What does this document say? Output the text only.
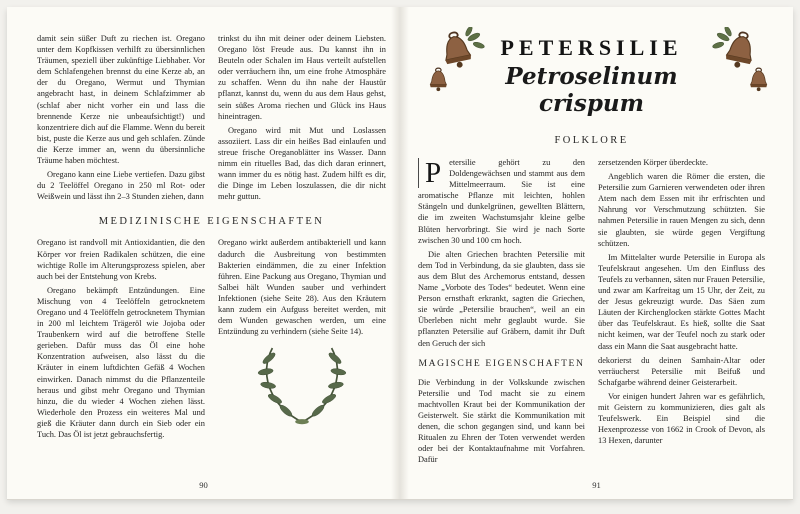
damit sein süßer Duft zu riechen ist. Oregano unter dem Kopfkissen verhilft zu übersinnlichen Träumen, speziell über zukünftige Liebhaber. Vor dem Schlafengehen brennst du eine Kerze ab, an der du Oregano, Wermut und Thymian angebracht hast, in deinem Schlafzimmer ab (schlaf aber nicht vorher ein und lass die brennende Kerze nie unbeaufsichtigt!) und konzentriere dich auf die Flamme. Wenn du bereit bist, puste die Kerze aus und geh schlafen. Zünde die Kerze immer an, wenn du übersinnliche Träume haben möchtest.

Oregano kann eine Liebe vertiefen. Dazu gibst du 2 Teelöffel Oregano in 250 ml Rot- oder Weißwein und lässt ihn 2–3 Stunden ziehen, dann

trinkst du ihn mit deiner oder deinem Liebsten. Oregano löst Freude aus. Du kannst ihn in Beuteln oder Schalen im Haus verteilt aufstellen oder verräuchern ihn, um eine frohe Atmosphäre zu schaffen. Wenn du ihn nahe der Haustür pflanzt, kannst du, wenn du aus dem Haus gehst, sein süßes Aroma riechen und Glück ins Haus hineintragen.

Oregano wird mit Mut und Loslassen assoziiert. Lass dir ein heißes Bad einlaufen und streue frische Oreganoblätter ins Wasser. Dann nimm ein rituelles Bad, das dich daran erinnert, wann immer du es nötig hast. Zudem hilft es dir, die Dinge im Leben loszulassen, die dir nicht mehr guttun.

MEDIZINISCHE EIGENSCHAFTEN

Oregano ist randvoll mit Antioxidantien, die den Körper vor freien Radikalen schützen, die eine wichtige Rolle im Alterungsprozess spielen, aber auch bei der Entstehung von Krebs.

Oregano bekämpft Entzündungen. Eine Mischung von 4 Teelöffeln getrocknetem Oregano und 4 Teelöffeln getrocknetem Thymian in 200 ml leichtem Trägeröl wie Jojoba oder Traubenkern wird auf die betroffene Stelle gerieben. Dafür muss das Öl eine hohe Konzentration aufweisen, also lässt du die Kräuter in einem luftdichten Gefäß 4 Wochen einwirken. Danach nimmst du die Pflanzenteile heraus und gibst mehr Oregano und Thymian hinzu, die du wieder 4 Wochen ziehen lässt. Wiederhole den Prozess ein weiteres Mal und gieß die Kräuter dann durch ein Sieb oder ein Tuch. Das Öl ist jetzt gebrauchsfertig.

Oregano wirkt außerdem antibakteriell und kann dadurch die Ausbreitung von bestimmten Bakterien eindämmen, die zu einer Infektion führen. Eine Packung aus Oregano, Thymian und Salbei hält Wunden sauber und verhindert Infektionen (siehe Seite 28). Aus den Kräutern kann zudem ein Aufguss bereitet werden, mit dem Wunden gewaschen werden, um eine Entzündung zu verhindern (siehe Seite 14).

90
PETERSILIE
Petroselinum crispum
FOLKLORE

P etersilie gehört zu den Doldengewächsen und stammt aus dem Mittelmeerraum. Sie ist eine aromatische Pflanze mit leichten, hohlen Stängeln und dunkelgrünen, gewellten Blättern, die im zweiten Wachstumsjahr kleine gelbe Blüten hervorbringt. Sie wird je nach Sorte zwischen 30 und 100 cm hoch.

Die alten Griechen brachten Petersilie mit dem Tod in Verbindung, da sie glaubten, dass sie aus dem Blut des Archemorus entstand, dessen Name „Vorbote des Todes“ bedeutet. Wenn eine Person ernsthaft erkrankt, sagten die Griechen, sie würde „Petersilie brauchen“, weil an ein Überleben nicht mehr geglaubt wurde. Sie pflanzten Petersilie auf Gräbern, damit ihr Duft den Geruch der sich

MAGISCHE EIGENSCHAFTEN

Die Verbindung in der Volkskunde zwischen Petersilie und Tod macht sie zu einem machtvollen Kraut bei der Kommunikation der Geisterwelt. Sie stärkt die Kommunikation mit denen, die schon gegangen sind, und kann bei Ritualen zu Ehren der Toten verwendet werden oder bei der Kontaktaufnahme mit Vorfahren. Dafür

zersetzenden Körper überdeckte.

Angeblich waren die Römer die ersten, die Petersilie zum Garnieren verwendeten oder ihren Atem nach dem Essen mit ihr erfrischten und Nahrung vor Verschmutzung schützten. Sie nahmen Petersilie in rauen Mengen zu sich, denn sie glaubten, sie würde gegen Vergiftung schützen.

Im Mittelalter wurde Petersilie in Europa als Teufelskraut angesehen. Um den Einfluss des Teufels zu verbannen, säten nur Frauen Petersilie, und zwar am Karfreitag um 15 Uhr, der Zeit, zu der Jesus gekreuzigt wurde. Das Säen zum Läuten der Kirchenglocken stärkte Gottes Macht über das Teufelskraut. Es hieß, sollte die Saat nicht keimen, war der Teufel noch zu stark oder dass ein Mann die Saat ausgebracht hatte.

dekorierst du deinen Samhain-Altar oder verräucherst Petersilie mit Beifuß und Schafgarbe während deiner Geisterarbeit.

Vor einigen hundert Jahren war es gefährlich, mit Geistern zu kommunizieren, dies galt als Teufelswerk. Ein Beispiel sind die Hexenprozesse von 1662 in Crook of Devon, als 13 Hexen, darunter

91
